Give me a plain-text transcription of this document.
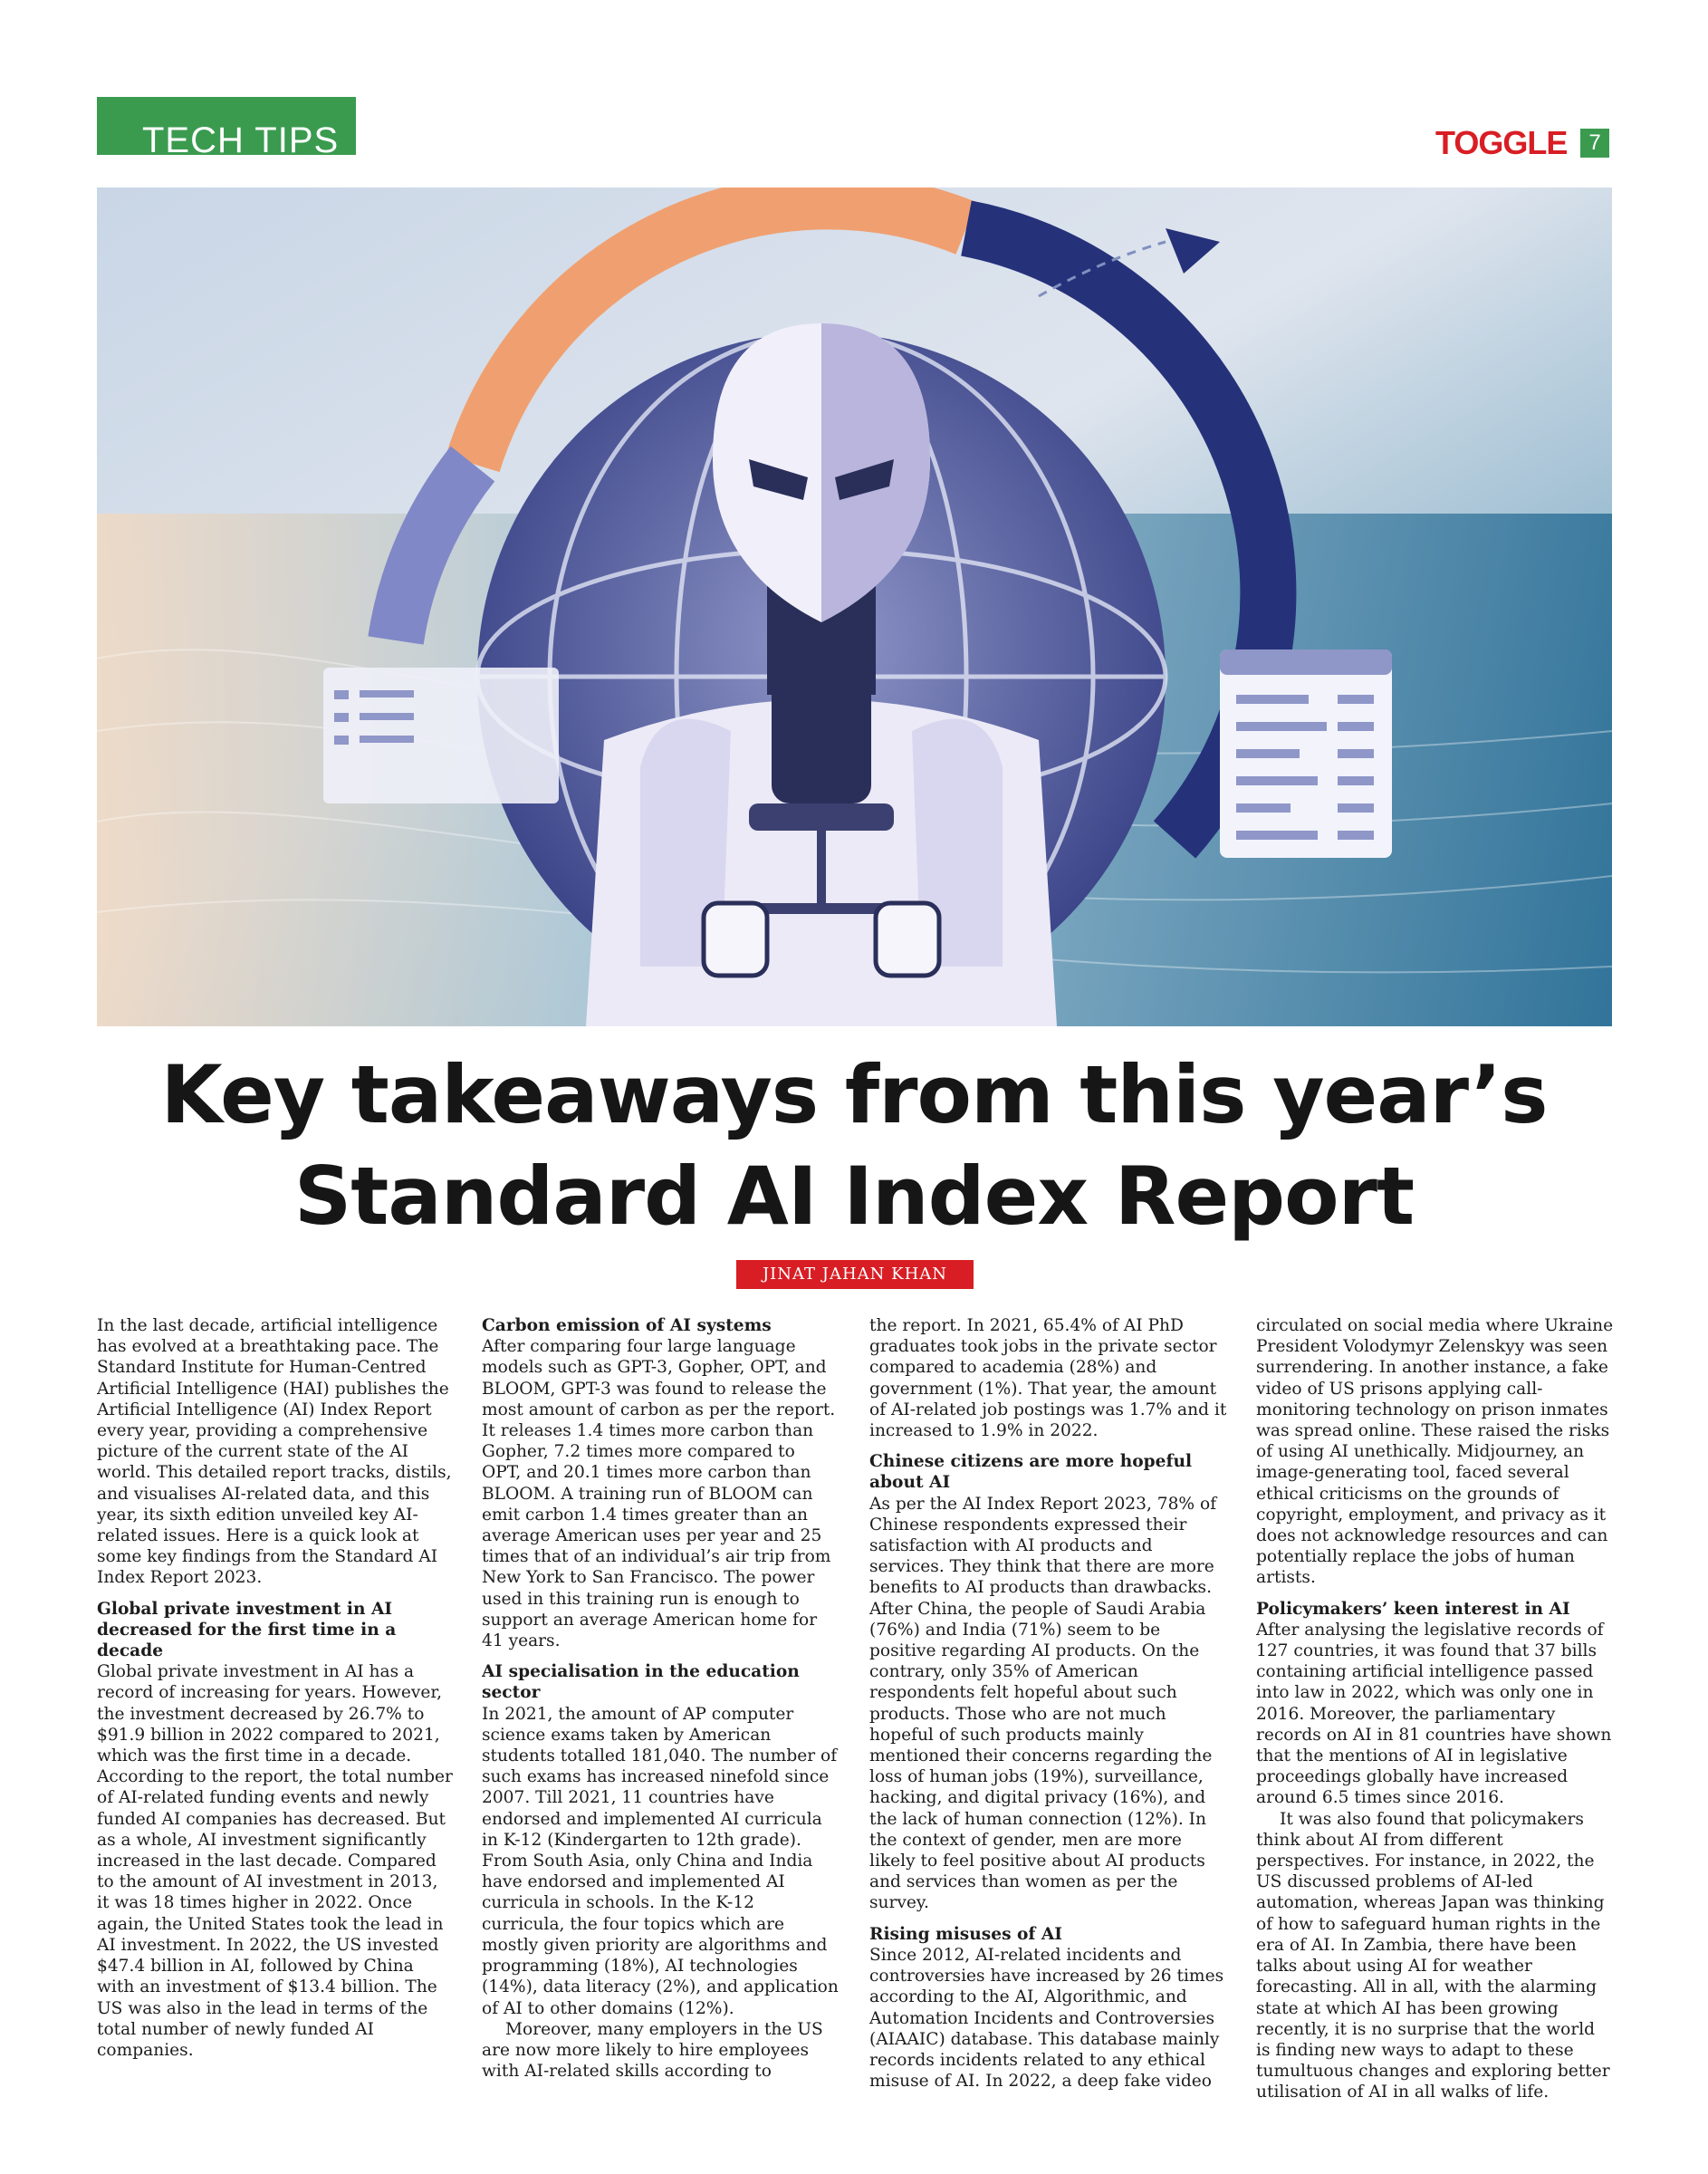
TECH TIPS	TOGGLE 7
Key takeaways from this year’s
Standard AI Index Report
JINAT JAHAN KHAN

In the last decade, artificial intelligence has evolved at a breathtaking pace. The Standard Institute for Human-Centred Artificial Intelligence (HAI) publishes the Artificial Intelligence (AI) Index Report every year, providing a comprehensive picture of the current state of the AI world. This detailed report tracks, distils, and visualises AI-related data, and this year, its sixth edition unveiled key AI-related issues. Here is a quick look at some key findings from the Standard AI Index Report 2023.

Global private investment in AI decreased for the first time in a decade

Global private investment in AI has a record of increasing for years. However, the investment decreased by 26.7% to $91.9 billion in 2022 compared to 2021, which was the first time in a decade. According to the report, the total number of AI-related funding events and newly funded AI companies has decreased. But as a whole, AI investment significantly increased in the last decade. Compared to the amount of AI investment in 2013, it was 18 times higher in 2022. Once again, the United States took the lead in AI investment. In 2022, the US invested $47.4 billion in AI, followed by China with an investment of $13.4 billion. The US was also in the lead in terms of the total number of newly funded AI companies.

Carbon emission of AI systems

After comparing four large language models such as GPT-3, Gopher, OPT, and BLOOM, GPT-3 was found to release the most amount of carbon as per the report. It releases 1.4 times more carbon than Gopher, 7.2 times more compared to OPT, and 20.1 times more carbon than BLOOM. A training run of BLOOM can emit carbon 1.4 times greater than an average American uses per year and 25 times that of an individual’s air trip from New York to San Francisco. The power used in this training run is enough to support an average American home for 41 years.

AI specialisation in the education sector

In 2021, the amount of AP computer science exams taken by American students totalled 181,040. The number of such exams has increased ninefold since 2007. Till 2021, 11 countries have endorsed and implemented AI curricula in K-12 (Kindergarten to 12th grade). From South Asia, only China and India have endorsed and implemented AI curricula in schools. In the K-12 curricula, the four topics which are mostly given priority are algorithms and programming (18%), AI technologies (14%), data literacy (2%), and application of AI to other domains (12%).

Moreover, many employers in the US are now more likely to hire employees with AI-related skills according to

the report. In 2021, 65.4% of AI PhD graduates took jobs in the private sector compared to academia (28%) and government (1%). That year, the amount of AI-related job postings was 1.7% and it increased to 1.9% in 2022.

Chinese citizens are more hopeful about AI

As per the AI Index Report 2023, 78% of Chinese respondents expressed their satisfaction with AI products and services. They think that there are more benefits to AI products than drawbacks. After China, the people of Saudi Arabia (76%) and India (71%) seem to be positive regarding AI products. On the contrary, only 35% of American respondents felt hopeful about such products. Those who are not much hopeful of such products mainly mentioned their concerns regarding the loss of human jobs (19%), surveillance, hacking, and digital privacy (16%), and the lack of human connection (12%). In the context of gender, men are more likely to feel positive about AI products and services than women as per the survey.

Rising misuses of AI

Since 2012, AI-related incidents and controversies have increased by 26 times according to the AI, Algorithmic, and Automation Incidents and Controversies (AIAAIC) database. This database mainly records incidents related to any ethical misuse of AI. In 2022, a deep fake video

circulated on social media where Ukraine President Volodymyr Zelenskyy was seen surrendering. In another instance, a fake video of US prisons applying call-monitoring technology on prison inmates was spread online. These raised the risks of using AI unethically. Midjourney, an image-generating tool, faced several ethical criticisms on the grounds of copyright, employment, and privacy as it does not acknowledge resources and can potentially replace the jobs of human artists.

Policymakers’ keen interest in AI

After analysing the legislative records of 127 countries, it was found that 37 bills containing artificial intelligence passed into law in 2022, which was only one in 2016. Moreover, the parliamentary records on AI in 81 countries have shown that the mentions of AI in legislative proceedings globally have increased around 6.5 times since 2016.

It was also found that policymakers think about AI from different perspectives. For instance, in 2022, the US discussed problems of AI-led automation, whereas Japan was thinking of how to safeguard human rights in the era of AI. In Zambia, there have been talks about using AI for weather forecasting. All in all, with the alarming state at which AI has been growing recently, it is no surprise that the world is finding new ways to adapt to these tumultuous changes and exploring better utilisation of AI in all walks of life.
